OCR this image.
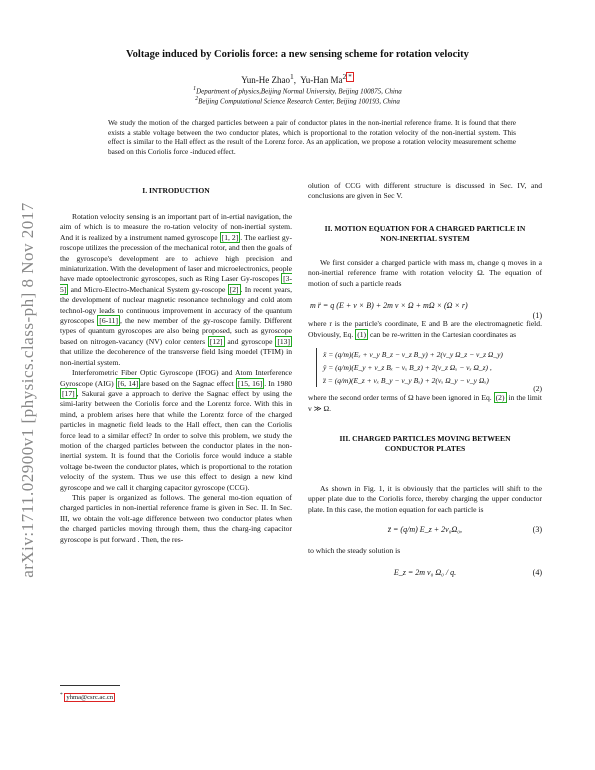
Voltage induced by Coriolis force: a new sensing scheme for rotation velocity
Yun-He Zhao$^1$,  Yu-Han Ma$^2$ *
$^1$Department of physics,Beijing Normal University, Beijing 100875, China
$^2$Beijing Computational Science Research Center, Beijing 100193, China
We study the motion of the charged particles between a pair of conductor plates in the non-inertial reference frame. It is found that there exists a stable voltage between the two conductor plates, which is proportional to the rotation velocity of the non-inertial system. This effect is similar to the Hall effect as the result of the Lorenz force. As an application, we propose a rotation velocity measurement scheme based on this Coriolis force -induced effect.
arXiv:1711.02900v1 [physics.class-ph] 8 Nov 2017
I. INTRODUCTION

Rotation velocity sensing is an important part of in-ertial navigation, the aim of which is to measure the ro-tation velocity of non-inertial system. And it is realized by a instrument named gyroscope [1, 2] . The earliest gy-roscope utilizes the precession of the mechanical rotor, and then the goals of the gyroscope's development are to achieve high precision and miniaturization. With the development of laser and microelectronics, people have made optoelectronic gyroscopes, such as Ring Laser Gy-roscopes [3-5] and Micro-Electro-Mechanical System gy-roscope [2] . In recent years, the development of nuclear magnetic resonance technology and cold atom technol-ogy leads to continuous improvement in accuracy of the quantum gyroscopes [6-11] , the new member of the gy-roscope family. Different types of quantum gyroscopes are also being proposed, such as gyroscope based on nitrogen-vacancy (NV) color centers [12] and gyroscope [13] that utilize the decoherence of the transverse field Ising moedel (TFIM) in non-inertial system.

Interferometric Fiber Optic Gyroscope (IFOG) and Atom Interference Gyroscope (AIG) [6, 14] are based on the Sagnac effect [15, 16] . In 1980 [17] , Sakurai gave a approach to derive the Sagnac effect by using the simi-larity between the Coriolis force and the Lorentz force. With this in mind, a problem arises here that while the Lorentz force of the charged particles in magnetic field leads to the Hall effect, then can the Coriolis force lead to a similar effect? In order to solve this problem, we study the motion of the charged particles between the conductor plates in the non-inertial system. It is found that the Coriolis force would induce a stable voltage be-tween the conductor plates, which is proportional to the rotation velocity of the system. Thus we use this effect to design a new kind gyroscope and we call it charging capacitor gyroscope (CCG).

This paper is organized as follows. The general mo-tion equation of charged particles in non-inertial reference frame is given in Sec. II. In Sec. III, we obtain the volt-age difference between two conductor plates when the charged particles moving through them, thus the charg-ing capacitor gyroscope is put forward . Then, the res-

* yhma@csrc.ac.cn

olution of CCG with different structure is discussed in Sec. IV, and conclusions are given in Sec V.

II. MOTION EQUATION FOR A CHARGED PARTICLE IN NON-INERTIAL SYSTEM

We first consider a charged particle with mass m, change q moves in a non-inertial reference frame with rotation velocity Ω. The equation of motion of such a particle reads

m r̈ = q (E + v × B) + 2m v × Ω + mΩ × (Ω × r)
(1)

where r is the particle's coordinate, E and B are the electromagnetic field. Obviously, Eq. (1) can be re-written in the Cartesian coordinates as

ẍ = (q/m)(Eₓ + v_y B_z − v_z B_y) + 2(v_y Ω_z − v_z Ω_y)
ÿ = (q/m)(E_y + v_z Bₓ − vₓ B_z) + 2(v_z Ωₓ − vₓ Ω_z) ,
z̈ = (q/m)(E_z + vₓ B_y − v_y Bₓ) + 2(vₓ Ω_y − v_y Ωₓ)
(2)

where the second order terms of Ω have been ignored in Eq. (2) in the limit v ≫ Ω.

III. CHARGED PARTICLES MOVING BETWEEN CONDUCTOR PLATES

As shown in Fig. 1, it is obviously that the particles will shift to the upper plate due to the Coriolis force, thereby charging the upper conductor plate. In this case, the motion equation for each particle is

z̈ = (q/m) E_z + 2v₀Ω₀,	(3)

to which the steady solution is

E_z = 2m v₀ Ω₀ / q.	(4)
